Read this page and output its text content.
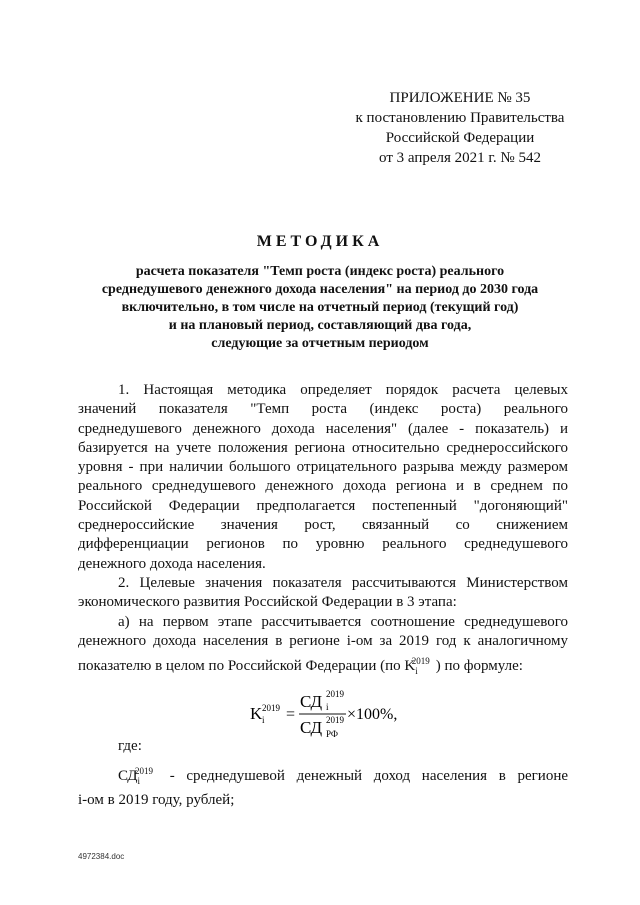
ПРИЛОЖЕНИЕ № 35
к постановлению Правительства
Российской Федерации
от 3 апреля 2021 г. № 542
МЕТОДИКА
расчета показателя "Темп роста (индекс роста) реального
среднедушевого денежного дохода населения" на период до 2030 года
включительно, в том числе на отчетный период (текущий год)
и на плановый период, составляющий два года,
следующие за отчетным периодом
1. Настоящая методика определяет порядок расчета целевых
значений показателя "Темп роста (индекс роста) реального
среднедушевого денежного дохода населения" (далее - показатель) и
базируется на учете положения региона относительно среднероссийского
уровня - при наличии большого отрицательного разрыва между размером
реального среднедушевого денежного дохода региона и в среднем по
Российской Федерации предполагается постепенный "догоняющий"
среднероссийские значения рост, связанный со снижением
дифференциации регионов по уровню реального среднедушевого
денежного дохода населения.
2. Целевые значения показателя рассчитываются Министерством
экономического развития Российской Федерации в 3 этапа:
а) на первом этапе рассчитывается соотношение среднедушевого
денежного дохода населения в регионе i-ом за 2019 год к аналогичному
показателю в целом по Российской Федерации (по $K_i^{2019}$ ) по формуле:
K i
2019 =
СД 2019
i
СД 2019
РФ
×100%,
где:
$СД_i^{2019}$ - среднедушевой денежный доход населения в регионе
i-ом в 2019 году, рублей;
4972384.doc
